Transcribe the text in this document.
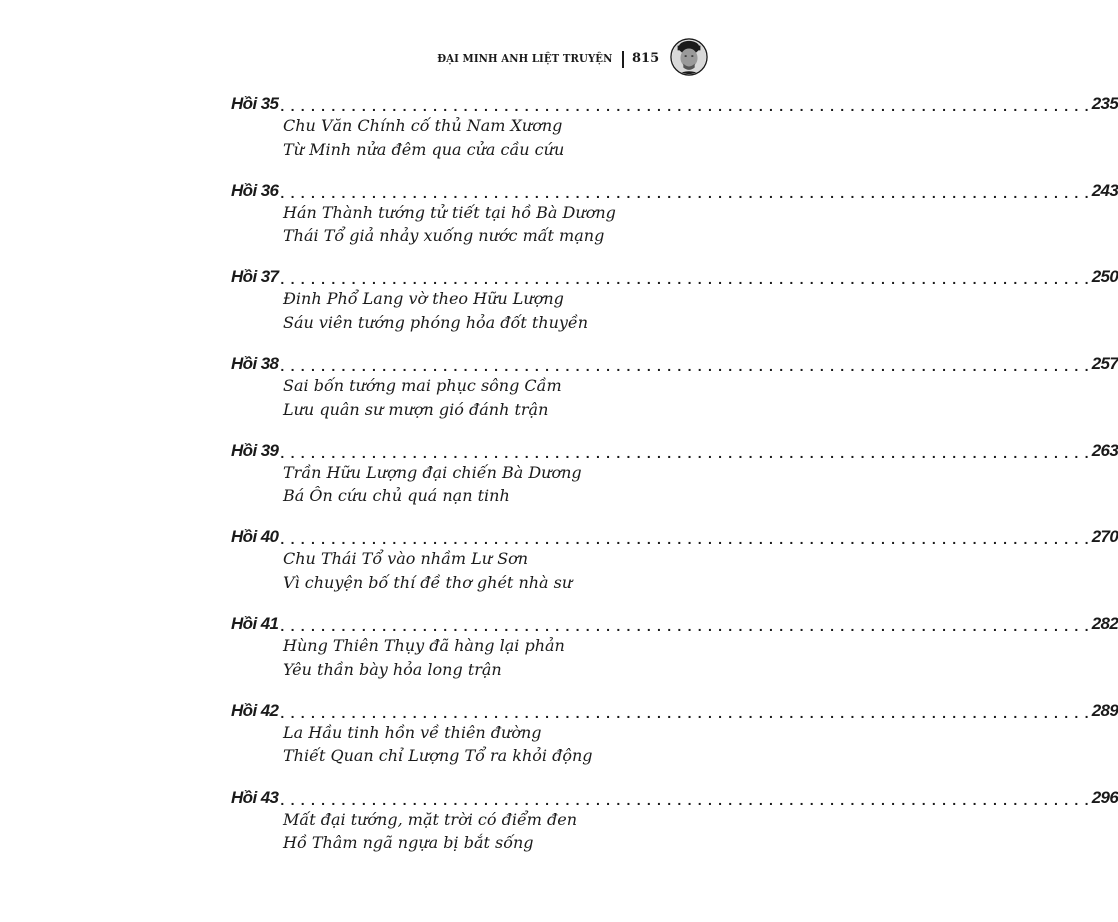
ĐẠI MINH ANH LIỆT TRUYỆN 815
Hồi 35 . . . . . . . . . . . . . . . . . . . . . . . . . . . . . . . . . . . . . . . . . . . . . . . . . . . . . . . . . . . . . . . . . . . . . . . . . . . . . . . . 235
Chu Văn Chính cố thủ Nam Xương
Từ Minh nửa đêm qua cửa cầu cứu
Hồi 36 . . . . . . . . . . . . . . . . . . . . . . . . . . . . . . . . . . . . . . . . . . . . . . . . . . . . . . . . . . . . . . . . . . . . . . . . . . . . . . . . 243
Hán Thành tướng tử tiết tại hồ Bà Dương
Thái Tổ giả nhảy xuống nước mất mạng
Hồi 37 . . . . . . . . . . . . . . . . . . . . . . . . . . . . . . . . . . . . . . . . . . . . . . . . . . . . . . . . . . . . . . . . . . . . . . . . . . . . . . . . 250
Đinh Phổ Lang vờ theo Hữu Lượng
Sáu viên tướng phóng hỏa đốt thuyền
Hồi 38 . . . . . . . . . . . . . . . . . . . . . . . . . . . . . . . . . . . . . . . . . . . . . . . . . . . . . . . . . . . . . . . . . . . . . . . . . . . . . . . . 257
Sai bốn tướng mai phục sông Cầm
Lưu quân sư mượn gió đánh trận
Hồi 39 . . . . . . . . . . . . . . . . . . . . . . . . . . . . . . . . . . . . . . . . . . . . . . . . . . . . . . . . . . . . . . . . . . . . . . . . . . . . . . . . 263
Trần Hữu Lượng đại chiến Bà Dương
Bá Ôn cứu chủ quá nạn tinh
Hồi 40 . . . . . . . . . . . . . . . . . . . . . . . . . . . . . . . . . . . . . . . . . . . . . . . . . . . . . . . . . . . . . . . . . . . . . . . . . . . . . . . . 270
Chu Thái Tổ vào nhầm Lư Sơn
Vì chuyện bố thí đề thơ ghét nhà sư
Hồi 41 . . . . . . . . . . . . . . . . . . . . . . . . . . . . . . . . . . . . . . . . . . . . . . . . . . . . . . . . . . . . . . . . . . . . . . . . . . . . . . . . 282
Hùng Thiên Thụy đã hàng lại phản
Yêu thần bày hỏa long trận
Hồi 42 . . . . . . . . . . . . . . . . . . . . . . . . . . . . . . . . . . . . . . . . . . . . . . . . . . . . . . . . . . . . . . . . . . . . . . . . . . . . . . . . 289
La Hầu tinh hồn về thiên đường
Thiết Quan chỉ Lượng Tổ ra khỏi động
Hồi 43 . . . . . . . . . . . . . . . . . . . . . . . . . . . . . . . . . . . . . . . . . . . . . . . . . . . . . . . . . . . . . . . . . . . . . . . . . . . . . . . . 296
Mất đại tướng, mặt trời có điểm đen
Hồ Thâm ngã ngựa bị bắt sống
